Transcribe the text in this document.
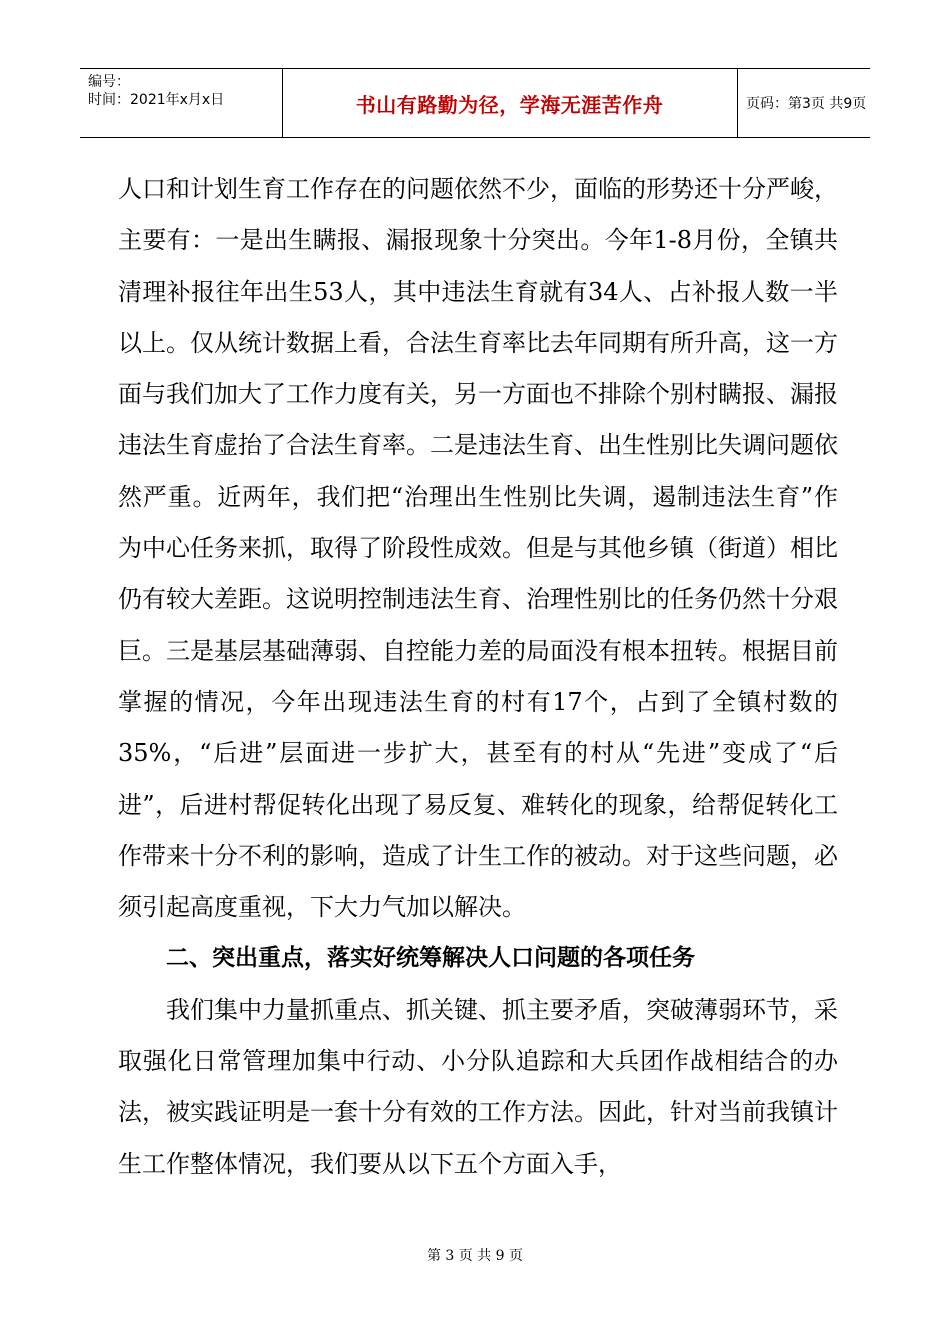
编号：
时间：2021年x月x日	书山有路勤为径，学海无涯苦作舟	页码：第3页 共9页

人口和计划生育工作存在的问题依然不少，面临的形势还十分严峻，主要有：一是出生瞒报、漏报现象十分突出。今年1-8月份，全镇共清理补报往年出生53人，其中违法生育就有34人、占补报人数一半以上。仅从统计数据上看，合法生育率比去年同期有所升高，这一方面与我们加大了工作力度有关，另一方面也不排除个别村瞒报、漏报违法生育虚抬了合法生育率。二是违法生育、出生性别比失调问题依然严重。近两年，我们把“治理出生性别比失调，遏制违法生育”作为中心任务来抓，取得了阶段性成效。但是与其他乡镇（街道）相比仍有较大差距。这说明控制违法生育、治理性别比的任务仍然十分艰巨。三是基层基础薄弱、自控能力差的局面没有根本扭转。根据目前掌握的情况，今年出现违法生育的村有17个，占到了全镇村数的35%，“后进”层面进一步扩大，甚至有的村从“先进”变成了“后进”，后进村帮促转化出现了易反复、难转化的现象，给帮促转化工作带来十分不利的影响，造成了计生工作的被动。对于这些问题，必须引起高度重视，下大力气加以解决。

二、突出重点，落实好统筹解决人口问题的各项任务

我们集中力量抓重点、抓关键、抓主要矛盾，突破薄弱环节，采取强化日常管理加集中行动、小分队追踪和大兵团作战相结合的办法，被实践证明是一套十分有效的工作方法。因此，针对当前我镇计生工作整体情况，我们要从以下五个方面入手，

第 3 页 共 9 页
